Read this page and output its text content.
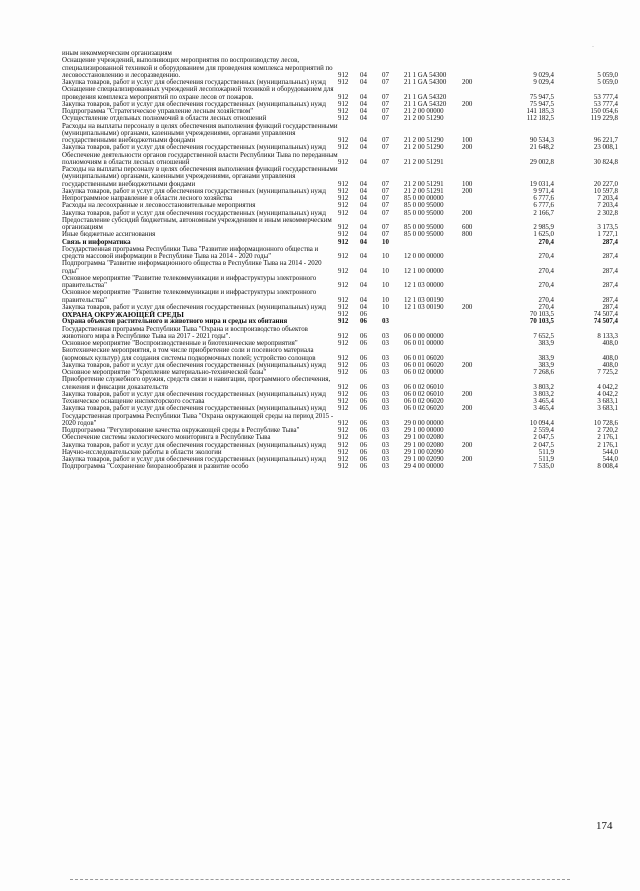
·
иным некоммерческим организациям							
Оснащение учреждений, выполняющих мероприятия по воспроизводству лесов, специализированной техникой и оборудованием для проведения комплекса мероприятий по лесовосстановлению и лесоразведению.	912	04	07	21 1 GA 54300		9 029,4	5 059,0
Закупка товаров, работ и услуг для обеспечения государственных (муниципальных) нужд	912	04	07	21 1 GA 54300	200	9 029,4	5 059,0
Оснащение специализированных учреждений лесопожарной техникой и оборудованием для проведения комплекса мероприятий по охране лесов от пожаров.	912	04	07	21 1 GA 54320		75 947,5	53 777,4
Закупка товаров, работ и услуг для обеспечения государственных (муниципальных) нужд	912	04	07	21 1 GA 54320	200	75 947,5	53 777,4
Подпрограмма "Стратегическое управление лесным хозяйством"	912	04	07	21 2 00 00000		141 185,3	150 054,6
Осуществление отдельных полномочий в области лесных отношений	912	04	07	21 2 00 51290		112 182,5	119 229,8
Расходы на выплаты персоналу в целях обеспечения выполнения функций государственными (муниципальными) органами, казенными учреждениями, органами управления государственными внебюджетными фондами	912	04	07	21 2 00 51290	100	90 534,3	96 221,7
Закупка товаров, работ и услуг для обеспечения государственных (муниципальных) нужд	912	04	07	21 2 00 51290	200	21 648,2	23 008,1
Обеспечение деятельности органов государственной власти Республики Тыва по переданным полномочиям в области лесных отношений	912	04	07	21 2 00 51291		29 002,8	30 824,8
Расходы на выплаты персоналу в целях обеспечения выполнения функций государственными (муниципальными) органами, казенными учреждениями, органами управления государственными внебюджетными фондами	912	04	07	21 2 00 51291	100	19 031,4	20 227,0
Закупка товаров, работ и услуг для обеспечения государственных (муниципальных) нужд	912	04	07	21 2 00 51291	200	9 971,4	10 597,8
Непрограммное направление в области лесного хозяйства	912	04	07	85 0 00 00000		6 777,6	7 203,4
Расходы на лесоохранные и лесовосстановительные мероприятия	912	04	07	85 0 00 95000		6 777,6	7 203,4
Закупка товаров, работ и услуг для обеспечения государственных (муниципальных) нужд	912	04	07	85 0 00 95000	200	2 166,7	2 302,8
Предоставление субсидий бюджетным, автономным учреждениям и иным некоммерческим организациям	912	04	07	85 0 00 95000	600	2 985,9	3 173,5
Иные бюджетные ассигнования	912	04	07	85 0 00 95000	800	1 625,0	1 727,1
Связь и информатика	912	04	10			270,4	287,4
Государственная программа Республики Тыва "Развитие информационного общества и средств массовой информации в Республике Тыва на 2014 - 2020 годы"	912	04	10	12 0 00 00000		270,4	287,4
Подпрограмма "Развитие информационного общества в Республике Тыва на 2014 - 2020 годы"	912	04	10	12 1 00 00000		270,4	287,4
Основное мероприятие "Развитие телекоммуникации и инфраструктуры электронного правительства"	912	04	10	12 1 03 00000		270,4	287,4
Основное мероприятие "Развитие телекоммуникации и инфраструктуры электронного правительства"	912	04	10	12 1 03 00190		270,4	287,4
Закупка товаров, работ и услуг для обеспечения государственных (муниципальных) нужд	912	04	10	12 1 03 00190	200	270,4	287,4
ОХРАНА ОКРУЖАЮЩЕЙ СРЕДЫ	912	06				70 103,5	74 507,4
Охрана объектов растительного и животного мира и среды их обитания	912	06	03			70 103,5	74 507,4
Государственная программа Республики Тыва "Охрана и воспроизводство объектов животного мира в Республике Тыва на 2017 - 2021 годы".	912	06	03	06 0 00 00000		7 652,5	8 133,3
Основное мероприятие "Воспроизводственные и биотехнические мероприятия"	912	06	03	06 0 01 00000		383,9	408,0
Биотехнические мероприятия, в том числе приобретение соли и посевного материала (кормовых культур) для создания системы подкормочных полей; устройство солонцов	912	06	03	06 0 01 06020		383,9	408,0
Закупка товаров, работ и услуг для обеспечения государственных (муниципальных) нужд	912	06	03	06 0 01 06020	200	383,9	408,0
Основное мероприятие "Укрепление материально-технической базы"	912	06	03	06 0 02 00000		7 268,6	7 725,2
Приобретение служебного оружия, средств связи и навигации, программного обеспечения, слежения и фиксации доказательств	912	06	03	06 0 02 06010		3 803,2	4 042,2
Закупка товаров, работ и услуг для обеспечения государственных (муниципальных) нужд	912	06	03	06 0 02 06010	200	3 803,2	4 042,2
Техническое оснащение инспекторского состава	912	06	03	06 0 02 06020		3 465,4	3 683,1
Закупка товаров, работ и услуг для обеспечения государственных (муниципальных) нужд	912	06	03	06 0 02 06020	200	3 465,4	3 683,1
Государственная программа Республики Тыва "Охрана окружающей среды на период 2015 - 2020 годов"	912	06	03	29 0 00 00000		10 094,4	10 728,6
Подпрограмма "Регулирование качества окружающей среды в Республике Тыва"	912	06	03	29 1 00 00000		2 559,4	2 720,2
Обеспечение системы экологического мониторинга в Республике Тыва	912	06	03	29 1 00 02080		2 047,5	2 176,1
Закупка товаров, работ и услуг для обеспечения государственных (муниципальных) нужд	912	06	03	29 1 00 02080	200	2 047,5	2 176,1
Научно-исследовательские работы в области экологии	912	06	03	29 1 00 02090		511,9	544,0
Закупка товаров, работ и услуг для обеспечения государственных (муниципальных) нужд	912	06	03	29 1 00 02090	200	511,9	544,0
Подпрограмма "Сохранение биоразнообразия и развитие особо	912	06	03	29 4 00 00000		7 535,0	8 008,4
174
